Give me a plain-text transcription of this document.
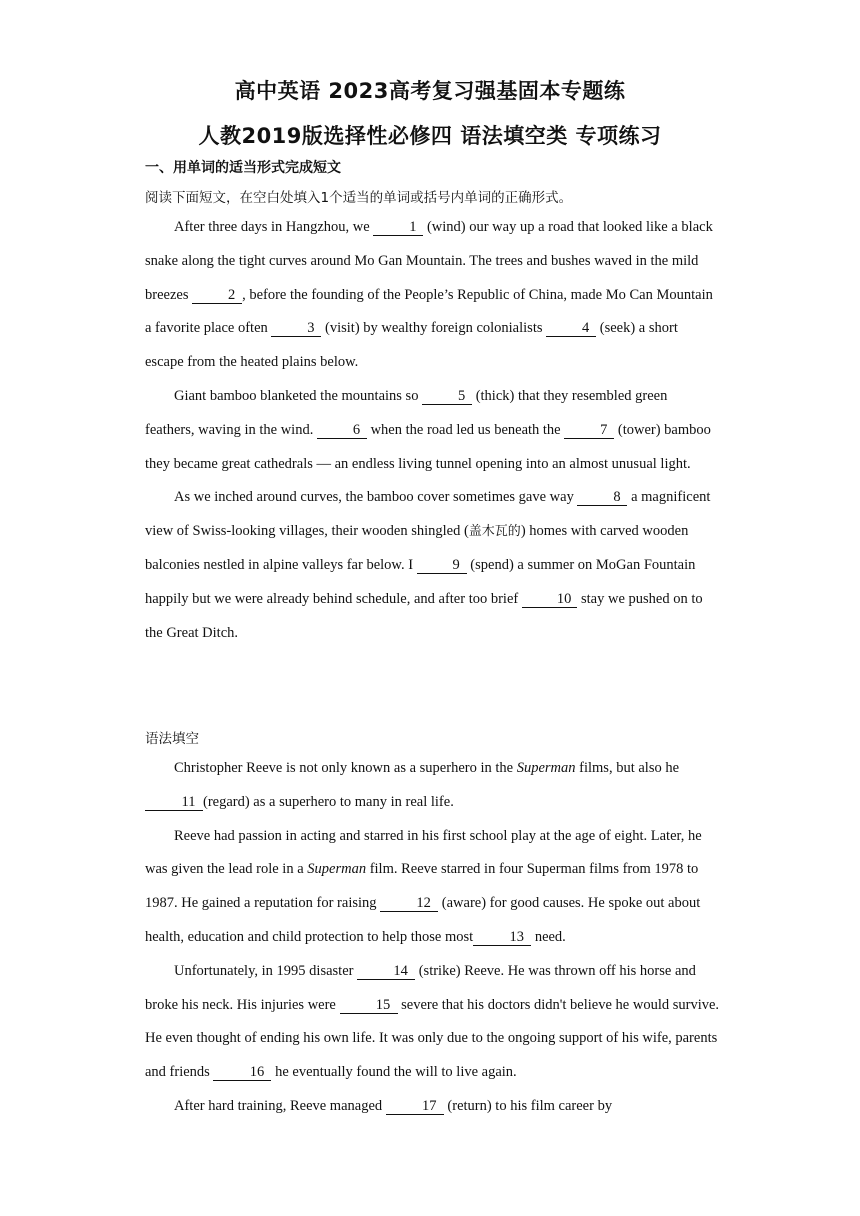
高中英语 2023高考复习强基固本专题练
人教2019版选择性必修四 语法填空类 专项练习

一、用单词的适当形式完成短文

阅读下面短文，在空白处填入1个适当的单词或括号内单词的正确形式。

After three days in Hangzhou, we 1 (wind) our way up a road that looked like a black snake along the tight curves around Mo Gan Mountain. The trees and bushes waved in the mild breezes 2 , before the founding of the People’s Republic of China, made Mo Can Mountain a favorite place often 3 (visit) by wealthy foreign colonialists 4 (seek) a short escape from the heated plains below.

Giant bamboo blanketed the mountains so 5 (thick) that they resembled green feathers, waving in the wind. 6 when the road led us beneath the 7 (tower) bamboo they became great cathedrals — an endless living tunnel opening into an almost unusual light.

As we inched around curves, the bamboo cover sometimes gave way 8 a magnificent view of Swiss-looking villages, their wooden shingled (盖木瓦的) homes with carved wooden balconies nestled in alpine valleys far below. I 9 (spend) a summer on MoGan Fountain happily but we were already behind schedule, and after too brief 10 stay we pushed on to the Great Ditch.

语法填空

Christopher Reeve is not only known as a superhero in the Superman films, but also he 11 (regard) as a superhero to many in real life.

Reeve had passion in acting and starred in his first school play at the age of eight. Later, he was given the lead role in a Superman film. Reeve starred in four Superman films from 1978 to 1987. He gained a reputation for raising	12 (aware) for good causes. He spoke out about health, education and child protection to help those most	13 need.

Unfortunately, in 1995 disaster	14 (strike) Reeve. He was thrown off his horse and broke his neck. His injuries were	15 severe that his doctors didn't believe he would survive. He even thought of ending his own life. It was only due to the ongoing support of his wife, parents and friends	16 he eventually found the will to live again.

After hard training, Reeve managed	17 (return) to his film career by
